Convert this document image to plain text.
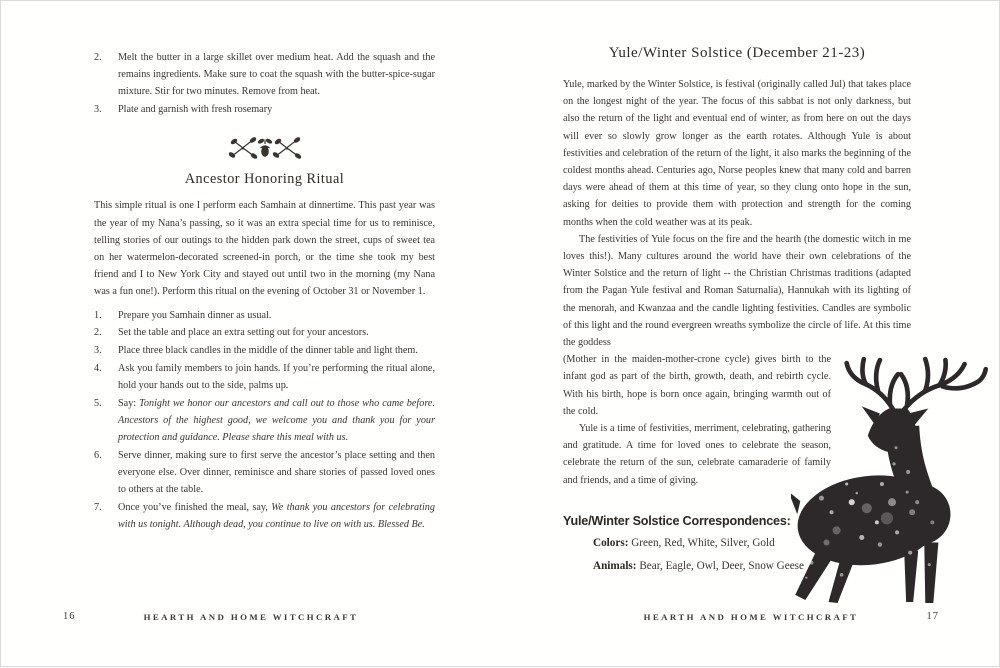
2.	Melt the butter in a large skillet over medium heat. Add the squash and the remains ingredients. Make sure to coat the squash with the butter-spice-sugar mixture. Stir for two minutes. Remove from heat.
3.	Plate and garnish with fresh rosemary
Ancestor Honoring Ritual

This simple ritual is one I perform each Samhain at dinnertime. This past year was the year of my Nana’s passing, so it was an extra special time for us to reminisce, telling stories of our outings to the hidden park down the street, cups of sweet tea on her watermelon-decorated screened-in porch, or the time she took my best friend and I to New York City and stayed out until two in the morning (my Nana was a fun one!). Perform this ritual on the evening of October 31 or November 1.

1.	Prepare you Samhain dinner as usual.
2.	Set the table and place an extra setting out for your ancestors.
3.	Place three black candles in the middle of the dinner table and light them.
4.	Ask you family members to join hands. If you’re performing the ritual alone, hold your hands out to the side, palms up.
5.	Say: Tonight we honor our ancestors and call out to those who came before. Ancestors of the highest good, we welcome you and thank you for your protection and guidance. Please share this meal with us.
6.	Serve dinner, making sure to first serve the ancestor’s place setting and then everyone else. Over dinner, reminisce and share stories of passed loved ones to others at the table.
7.	Once you’ve finished the meal, say, We thank you ancestors for celebrating with us tonight. Although dead, you continue to live on with us. Blessed Be.
16	HEARTH AND HOME WITCHCRAFT
Yule/Winter Solstice (December 21-23)

Yule, marked by the Winter Solstice, is festival (originally called Jul) that takes place on the longest night of the year. The focus of this sabbat is not only darkness, but also the return of the light and eventual end of winter, as from here on out the days will ever so slowly grow longer as the earth rotates. Although Yule is about festivities and celebration of the return of the light, it also marks the beginning of the coldest months ahead. Centuries ago, Norse peoples knew that many cold and barren days were ahead of them at this time of year, so they clung onto hope in the sun, asking for deities to provide them with protection and strength for the coming months when the cold weather was at its peak.

The festivities of Yule focus on the fire and the hearth (the domestic witch in me loves this!). Many cultures around the world have their own celebrations of the Winter Solstice and the return of light -- the Christian Christmas traditions (adapted from the Pagan Yule festival and Roman Saturnalia), Hannukah with its lighting of the menorah, and Kwanzaa and the candle lighting festivities. Candles are symbolic of this light and the round evergreen wreaths symbolize the circle of life. At this time the goddess

(Mother in the maiden-mother-crone cycle) gives birth to the infant god as part of the birth, growth, death, and rebirth cycle. With his birth, hope is born once again, bringing warmth out of the cold.

Yule is a time of festivities, merriment, celebrating, gathering and gratitude. A time for loved ones to celebrate the season, celebrate the return of the sun, celebrate camaraderie of family and friends, and a time of giving.

Yule/Winter Solstice Correspondences:
Colors: Green, Red, White, Silver, Gold
Animals: Bear, Eagle, Owl, Deer, Snow Geese
HEARTH AND HOME WITCHCRAFT	17
